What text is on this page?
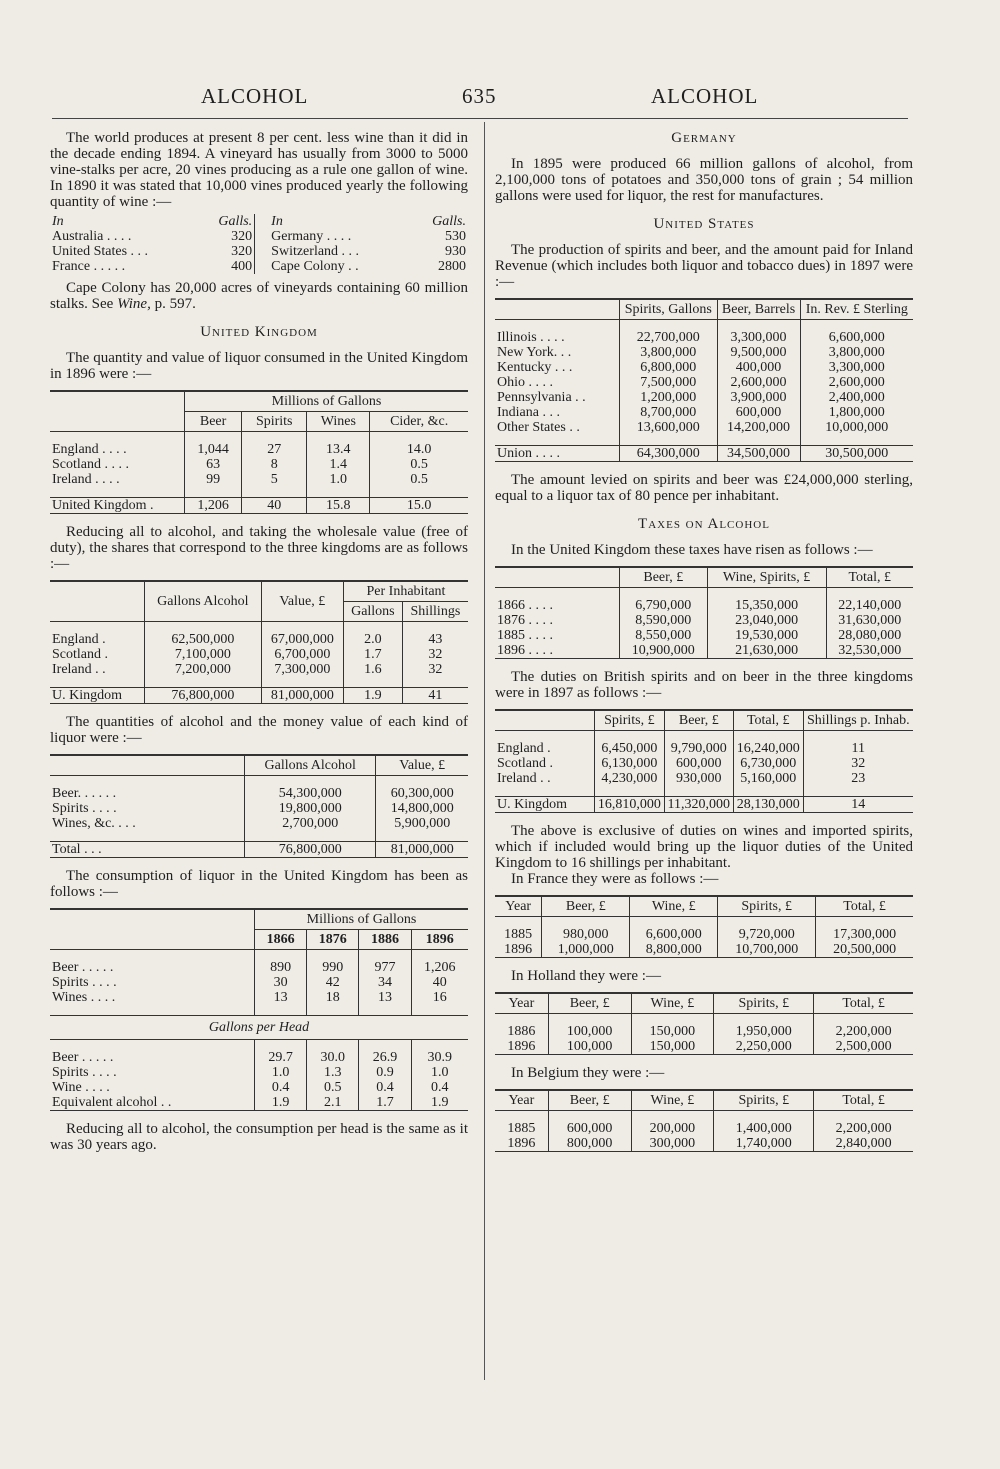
ALCOHOL	635	ALCOHOL

The world produces at present 8 per cent. less wine than it did in the decade ending 1894. A vineyard has usually from 3000 to 5000 vine-stalks per acre, 20 vines producing as a rule one gallon of wine. In 1890 it was stated that 10,000 vines produced yearly the following quantity of wine :—

In	Galls.	In	Galls.
Australia . . . .	320	Germany . . . .	530
United States . . .	320	Switzerland . . .	930
France . . . . .	400	Cape Colony . .	2800

Cape Colony has 20,000 acres of vineyards containing 60 million stalks. See Wine, p. 597.

United Kingdom

The quantity and value of liquor consumed in the United Kingdom in 1896 were :—

	Millions of Gallons			
	Beer	Spirits	Wines	Cider, &c.

England . . . .	1,044	27	13.4	14.0
Scotland . . . .	63	8	1.4	0.5
Ireland . . . .	99	5	1.0	0.5

United Kingdom .	1,206	40	15.8	15.0

Reducing all to alcohol, and taking the wholesale value (free of duty), the shares that correspond to the three kingdoms are as follows :—

	Gallons Alcohol	Value, £	Per Inhabitant	
			Gallons	Shillings

England .	62,500,000	67,000,000	2.0	43
Scotland .	7,100,000	6,700,000	1.7	32
Ireland . .	7,200,000	7,300,000	1.6	32

U. Kingdom	76,800,000	81,000,000	1.9	41

The quantities of alcohol and the money value of each kind of liquor were :—

	Gallons Alcohol	Value, £

Beer. . . . . .	54,300,000	60,300,000
Spirits . . . .	19,800,000	14,800,000
Wines, &c. . . .	2,700,000	5,900,000

Total . . .	76,800,000	81,000,000

The consumption of liquor in the United Kingdom has been as follows :—

	Millions of Gallons			
	1866	1876	1886	1896

Beer . . . . .	890	990	977	1,206
Spirits . . . .	30	42	34	40
Wines . . . .	13	18	13	16

Gallons per Head				

Beer . . . . .	29.7	30.0	26.9	30.9
Spirits . . . .	1.0	1.3	0.9	1.0
Wine . . . .	0.4	0.5	0.4	0.4
Equivalent alcohol . .	1.9	2.1	1.7	1.9

Reducing all to alcohol, the consumption per head is the same as it was 30 years ago.

Germany

In 1895 were produced 66 million gallons of alcohol, from 2,100,000 tons of potatoes and 350,000 tons of grain ; 54 million gallons were used for liquor, the rest for manufactures.

United States

The production of spirits and beer, and the amount paid for Inland Revenue (which includes both liquor and tobacco dues) in 1897 were :—

	Spirits, Gallons	Beer, Barrels	In. Rev. £ Sterling

Illinois . . . .	22,700,000	3,300,000	6,600,000
New York. . .	3,800,000	9,500,000	3,800,000
Kentucky . . .	6,800,000	400,000	3,300,000
Ohio . . . .	7,500,000	2,600,000	2,600,000
Pennsylvania . .	1,200,000	3,900,000	2,400,000
Indiana . . .	8,700,000	600,000	1,800,000
Other States . .	13,600,000	14,200,000	10,000,000

Union . . . .	64,300,000	34,500,000	30,500,000

The amount levied on spirits and beer was £24,000,000 sterling, equal to a liquor tax of 80 pence per inhabitant.

Taxes on Alcohol

In the United Kingdom these taxes have risen as follows :—

	Beer, £	Wine, Spirits, £	Total, £

1866 . . . .	6,790,000	15,350,000	22,140,000
1876 . . . .	8,590,000	23,040,000	31,630,000
1885 . . . .	8,550,000	19,530,000	28,080,000
1896 . . . .	10,900,000	21,630,000	32,530,000

The duties on British spirits and on beer in the three kingdoms were in 1897 as follows :—

	Spirits, £	Beer, £	Total, £	Shillings p. Inhab.

England .	6,450,000	9,790,000	16,240,000	11
Scotland .	6,130,000	600,000	6,730,000	32
Ireland . .	4,230,000	930,000	5,160,000	23

U. Kingdom	16,810,000	11,320,000	28,130,000	14

The above is exclusive of duties on wines and imported spirits, which if included would bring up the liquor duties of the United Kingdom to 16 shillings per inhabitant.

In France they were as follows :—

Year	Beer, £	Wine, £	Spirits, £	Total, £

1885	980,000	6,600,000	9,720,000	17,300,000
1896	1,000,000	8,800,000	10,700,000	20,500,000

In Holland they were :—

Year	Beer, £	Wine, £	Spirits, £	Total, £

1886	100,000	150,000	1,950,000	2,200,000
1896	100,000	150,000	2,250,000	2,500,000

In Belgium they were :—

Year	Beer, £	Wine, £	Spirits, £	Total, £

1885	600,000	200,000	1,400,000	2,200,000
1896	800,000	300,000	1,740,000	2,840,000
